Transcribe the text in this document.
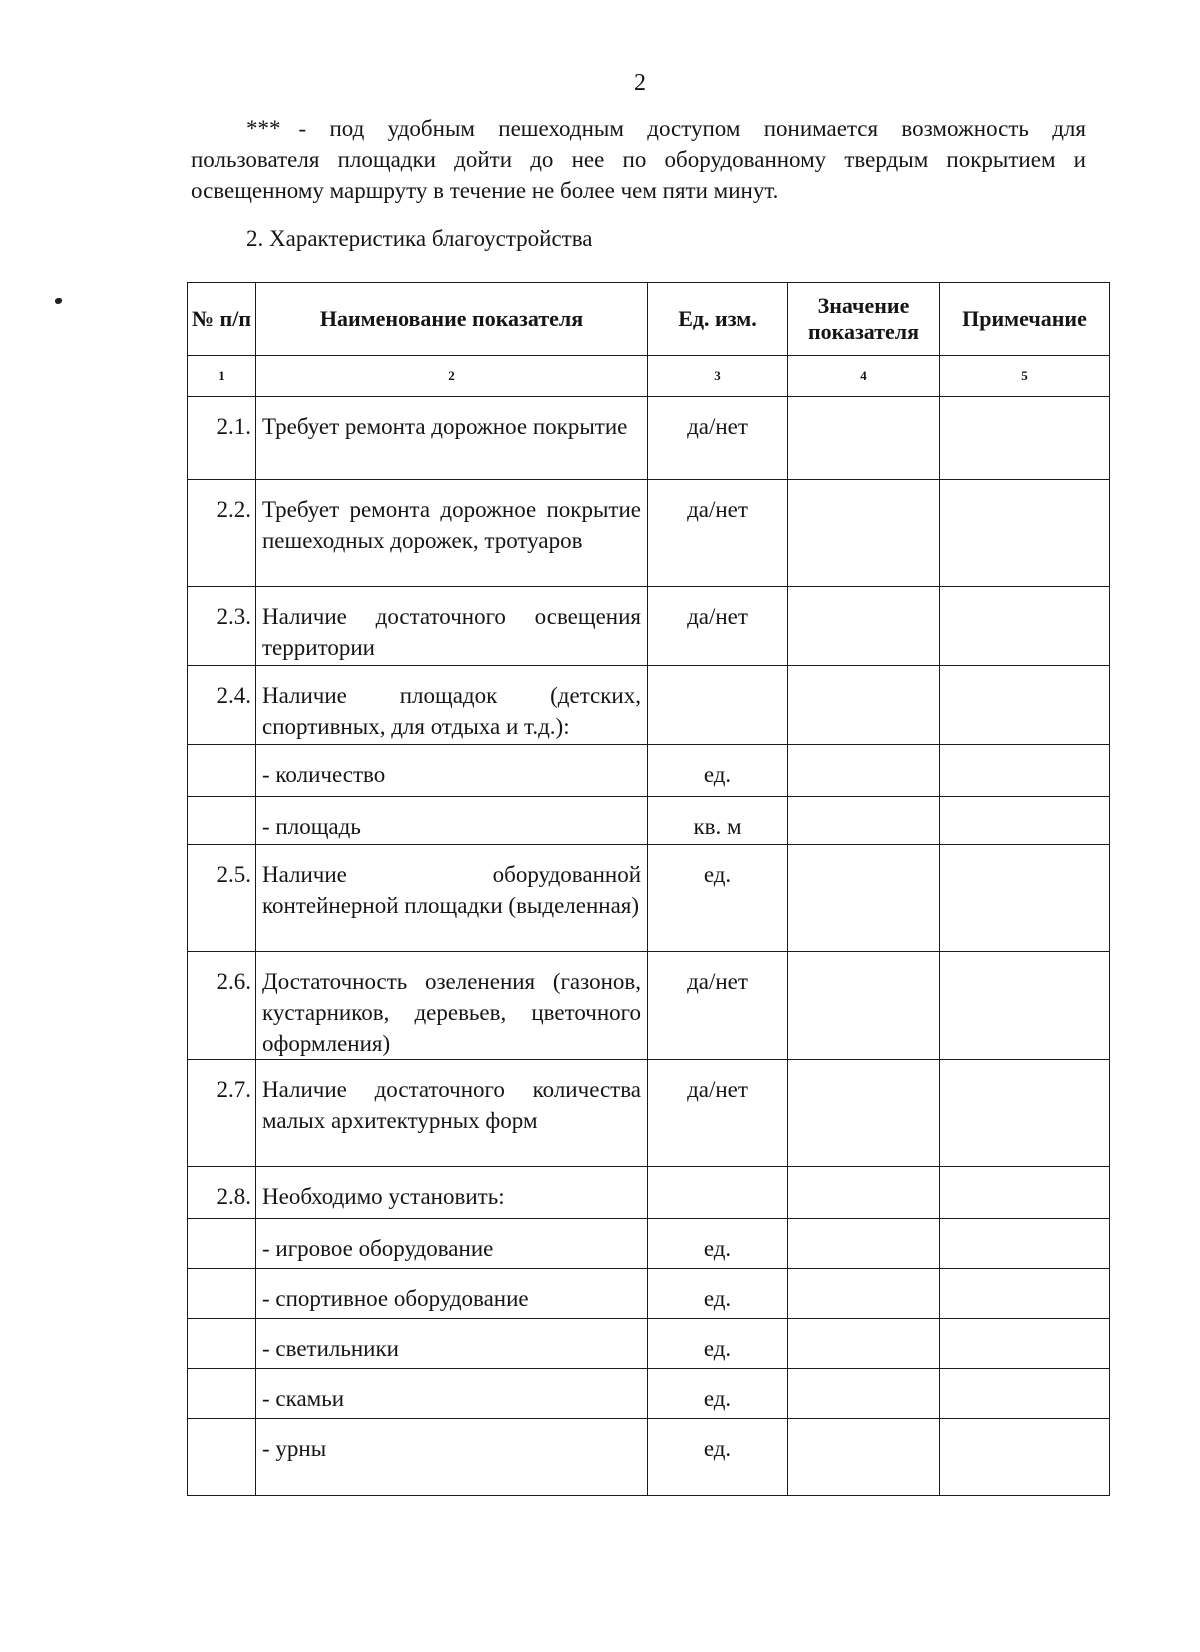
2
*** - под удобным пешеходным доступом понимается возможность для пользователя площадки дойти до нее по оборудованному твердым покрытием и освещенному маршруту в течение не более чем пяти минут.
2. Характеристика благоустройства
№ п/п	Наименование показателя	Ед. изм.	Значение показателя	Примечание
1	2	3	4	5
2.1.	Требует ремонта дорожное покрытие	да/нет		
2.2.	Требует ремонта дорожное покрытие пешеходных дорожек, тротуаров	да/нет		
2.3.	Наличие достаточного освещения территории	да/нет		
2.4.	Наличие площадок (детских, спортивных, для отдыха и т.д.):			
	- количество	ед.		
	- площадь	кв. м		
2.5.	Наличие оборудованной контейнерной площадки (выделенная)	ед.		
2.6.	Достаточность озеленения (газонов, кустарников, деревьев, цветочного оформления)	да/нет		
2.7.	Наличие достаточного количества малых архитектурных форм	да/нет		
2.8.	Необходимо установить:			
	- игровое оборудование	ед.		
	- спортивное оборудование	ед.		
	- светильники	ед.		
	- скамьи	ед.		
	- урны	ед.		
